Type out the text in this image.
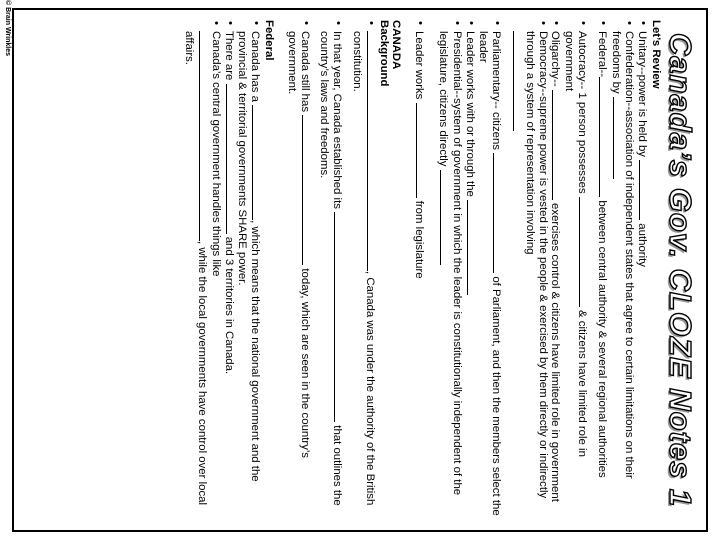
Canada’s Gov. CLOZE Notes 1

Let’s Review

• Unitary--power is held by  authority
• Confederation--association of independent states that agree to certain limitations on their freedoms by
• Federal-- between central authority & several regional authorities
• Autocracy-- 1 person possesses  & citizens have limited role in government
• Oligarchy--  exercises control & citizens have limited role in government
• Democracy--supreme power is vested in the people & exercised by them directly or indirectly through a system of representation involving

• Parliamentary-- citizens  of Parliament, and then the members select the leader
• Leader works with or through the
• Presidential--system of government in which the leader is constitutionally independent of the legislature, citizens directly
• Leader works  from legislature

CANADA

Background

• , Canada was under the authority of the British constitution.
• In that year, Canada established its  that outlines the country’s laws and freedoms.
• Canada still has  today, which are seen in the country’s government.

Federal

• Canada has a , which means that the national government and the provincial & territorial governments SHARE power.
• There are  and 3 territories in Canada.
• Canada’s central government handles things like
, while the local governments have control over local affairs.
© Brain Wrinkles
